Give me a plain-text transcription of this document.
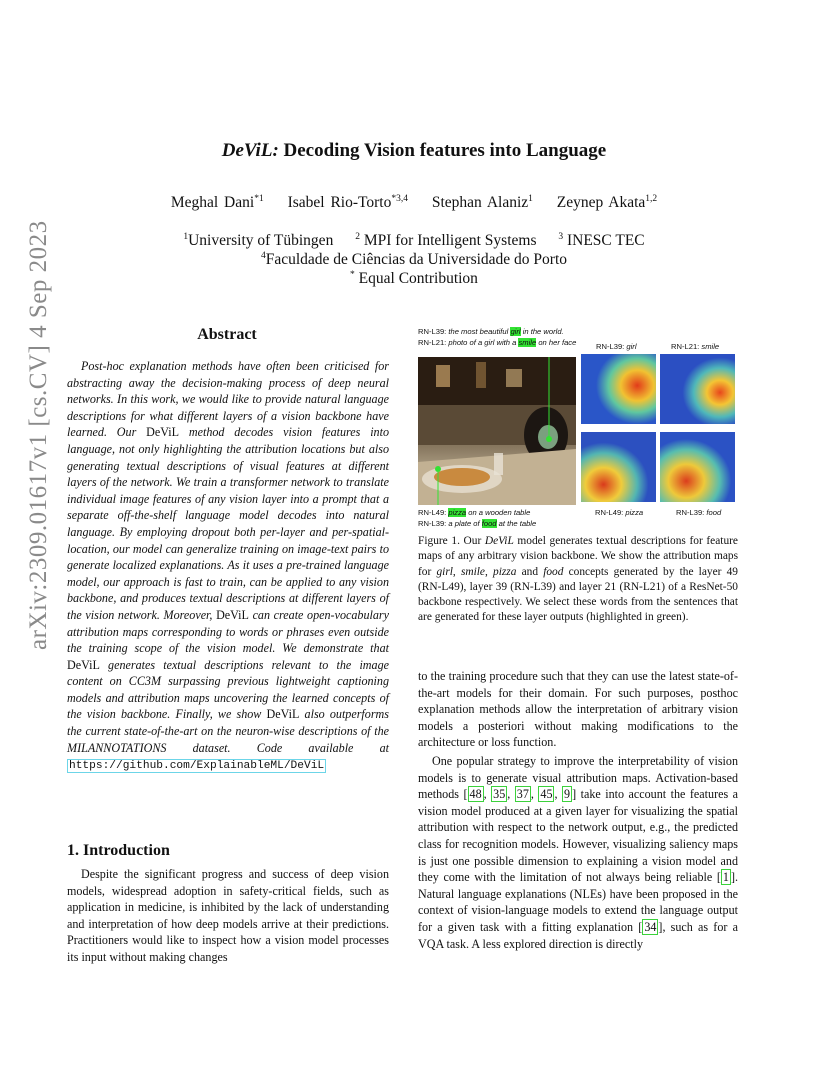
arXiv:2309.01617v1 [cs.CV] 4 Sep 2023
DeViL: Decoding Vision features into Language
Meghal Dani$^{*1}$ Isabel Rio-Torto$^{*3,4}$ Stephan Alaniz$^1$ Zeynep Akata$^{1,2}$
$^1$University of Tübingen $^2$ MPI for Intelligent Systems $^3$ INESC TEC
$^4$Faculdade de Ciências da Universidade do Porto
* Equal Contribution
Abstract
Post-hoc explanation methods have often been criticised for abstracting away the decision-making process of deep neural networks. In this work, we would like to provide natural language descriptions for what different layers of a vision backbone have learned. Our DeViL method decodes vision features into language, not only highlighting the attribution locations but also generating textual descriptions of visual features at different layers of the network. We train a transformer network to translate individual image features of any vision layer into a prompt that a separate off-the-shelf language model decodes into natural language. By employing dropout both per-layer and per-spatial-location, our model can generalize training on image-text pairs to generate localized explanations. As it uses a pre-trained language model, our approach is fast to train, can be applied to any vision backbone, and produces textual descriptions at different layers of the vision network. Moreover, DeViL can create open-vocabulary attribution maps corresponding to words or phrases even outside the training scope of the vision model. We demonstrate that DeViL generates textual descriptions relevant to the image content on CC3M surpassing previous lightweight captioning models and attribution maps uncovering the learned concepts of the vision backbone. Finally, we show DeViL also outperforms the current state-of-the-art on the neuron-wise descriptions of the MILANNOTATIONS dataset. Code available at https://github.com/ExplainableML/DeViL
1. Introduction
Despite the significant progress and success of deep vision models, widespread adoption in safety-critical fields, such as application in medicine, is inhibited by the lack of understanding and interpretation of how deep models arrive at their predictions. Practitioners would like to inspect how a vision model processes its input without making changes
RN-L39: the most beautiful girl in the world.
RN-L21: photo of a girl with a smile on her face	RN-L39: girl	RN-L21: smile
RN-L49: pizza on a wooden table
RN-L39: a plate of food at the table
RN-L49: pizza	RN-L39: food
Figure 1. Our DeViL model generates textual descriptions for feature maps of any arbitrary vision backbone. We show the attribution maps for girl, smile, pizza and food concepts generated by the layer 49 (RN-L49), layer 39 (RN-L39) and layer 21 (RN-L21) of a ResNet-50 backbone respectively. We select these words from the sentences that are generated for these layer outputs (highlighted in green).
to the training procedure such that they can use the latest state-of-the-art models for their domain. For such purposes, posthoc explanation methods allow the interpretation of arbitrary vision models a posteriori without making modifications to the architecture or loss function.
One popular strategy to improve the interpretability of vision models is to generate visual attribution maps. Activation-based methods [ 48 , 35 , 37 , 45 , 9 ] take into account the features a vision model produced at a given layer for visualizing the spatial attribution with respect to the network output, e.g., the predicted class for recognition models. However, visualizing saliency maps is just one possible dimension to explaining a vision model and they come with the limitation of not always being reliable [ 1 ]. Natural language explanations (NLEs) have been proposed in the context of vision-language models to extend the language output for a given task with a fitting explanation [ 34 ], such as for a VQA task. A less explored direction is directly
